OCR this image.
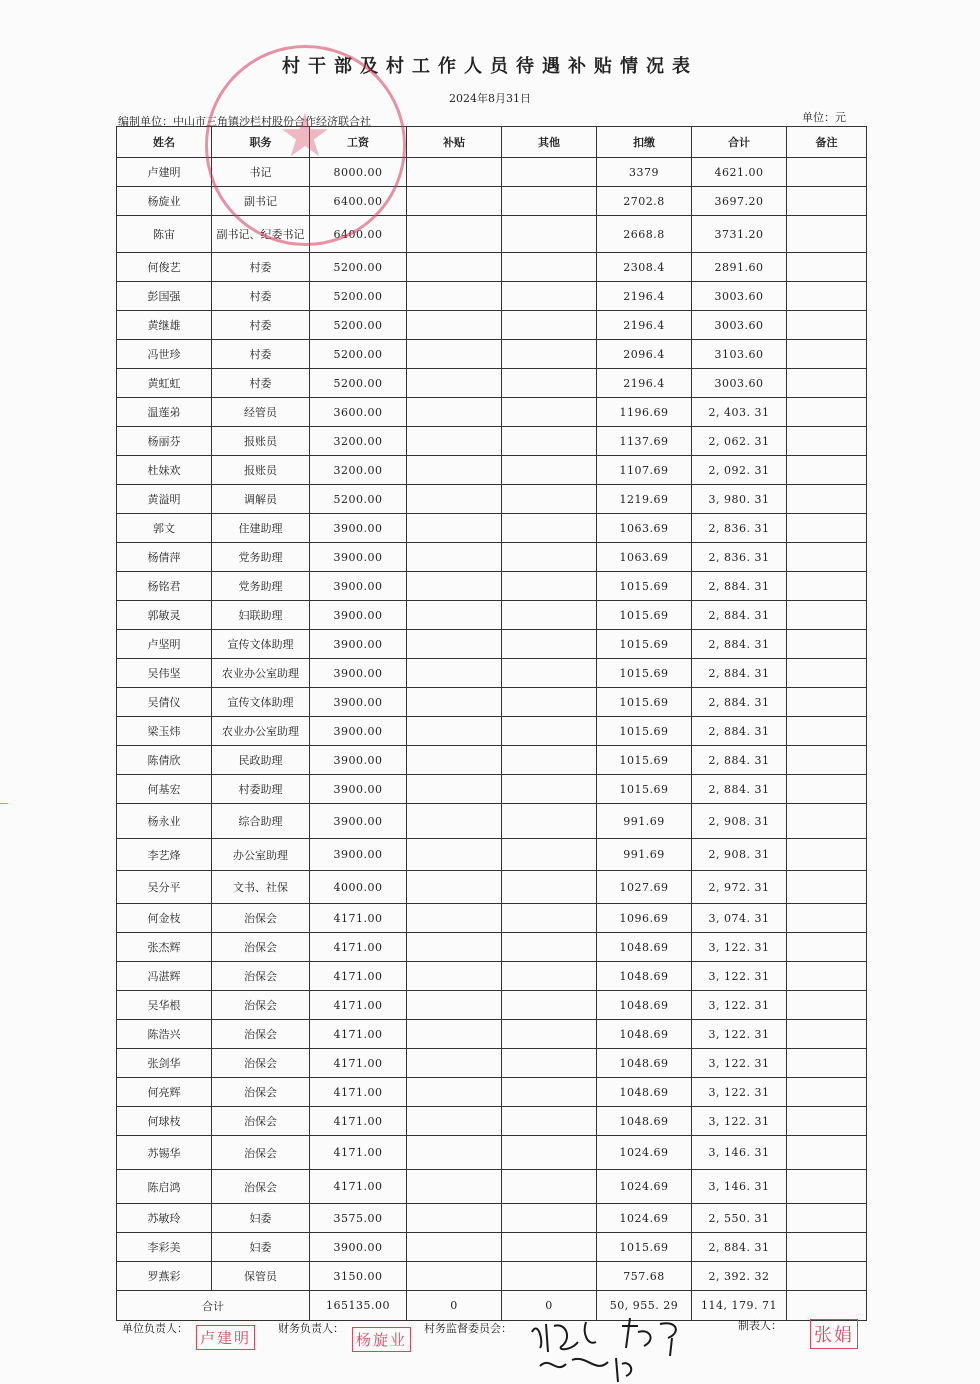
村干部及村工作人员待遇补贴情况表
2024年8月31日
编制单位：中山市三角镇沙栏村股份合作经济联合社	单位：元
姓名	职务	工资	补贴	其他	扣缴	合计	备注
卢建明	书记	8000.00			3379	4621.00	
杨旋业	副书记	6400.00			2702.8	3697.20	
陈宙	副书记、纪委书记	6400.00			2668.8	3731.20	
何俊艺	村委	5200.00			2308.4	2891.60	
彭国强	村委	5200.00			2196.4	3003.60	
黄继雄	村委	5200.00			2196.4	3003.60	
冯世珍	村委	5200.00			2096.4	3103.60	
黄虹虹	村委	5200.00			2196.4	3003.60	
温莲弟	经管员	3600.00			1196.69	2, 403. 31	
杨丽芬	报账员	3200.00			1137.69	2, 062. 31	
杜妹欢	报账员	3200.00			1107.69	2, 092. 31	
黄溢明	调解员	5200.00			1219.69	3, 980. 31	
郭文	住建助理	3900.00			1063.69	2, 836. 31	
杨倩萍	党务助理	3900.00			1063.69	2, 836. 31	
杨铭君	党务助理	3900.00			1015.69	2, 884. 31	
郭敏灵	妇联助理	3900.00			1015.69	2, 884. 31	
卢坚明	宣传文体助理	3900.00			1015.69	2, 884. 31	
吴伟坚	农业办公室助理	3900.00			1015.69	2, 884. 31	
吴倩仪	宣传文体助理	3900.00			1015.69	2, 884. 31	
梁玉炜	农业办公室助理	3900.00			1015.69	2, 884. 31	
陈倩欣	民政助理	3900.00			1015.69	2, 884. 31	
何基宏	村委助理	3900.00			1015.69	2, 884. 31	
杨永业	综合助理	3900.00			991.69	2, 908. 31	
李艺烽	办公室助理	3900.00			991.69	2, 908. 31	
吴分平	文书、社保	4000.00			1027.69	2, 972. 31	
何金枝	治保会	4171.00			1096.69	3, 074. 31	
张杰辉	治保会	4171.00			1048.69	3, 122. 31	
冯湛辉	治保会	4171.00			1048.69	3, 122. 31	
吴华根	治保会	4171.00			1048.69	3, 122. 31	
陈浩兴	治保会	4171.00			1048.69	3, 122. 31	
张剑华	治保会	4171.00			1048.69	3, 122. 31	
何亮辉	治保会	4171.00			1048.69	3, 122. 31	
何球枝	治保会	4171.00			1048.69	3, 122. 31	
苏锡华	治保会	4171.00			1024.69	3, 146. 31	
陈启鸿	治保会	4171.00			1024.69	3, 146. 31	
苏敏玲	妇委	3575.00			1024.69	2, 550. 31	
李彩美	妇委	3900.00			1015.69	2, 884. 31	
罗燕彩	保管员	3150.00			757.68	2, 392. 32	
合计		165135.00	0	0	50, 955. 29	114, 179. 71	
★
单位负责人：
卢建明
财务负责人：
杨旋业
村务监督委员会：	制表人： 张娟
